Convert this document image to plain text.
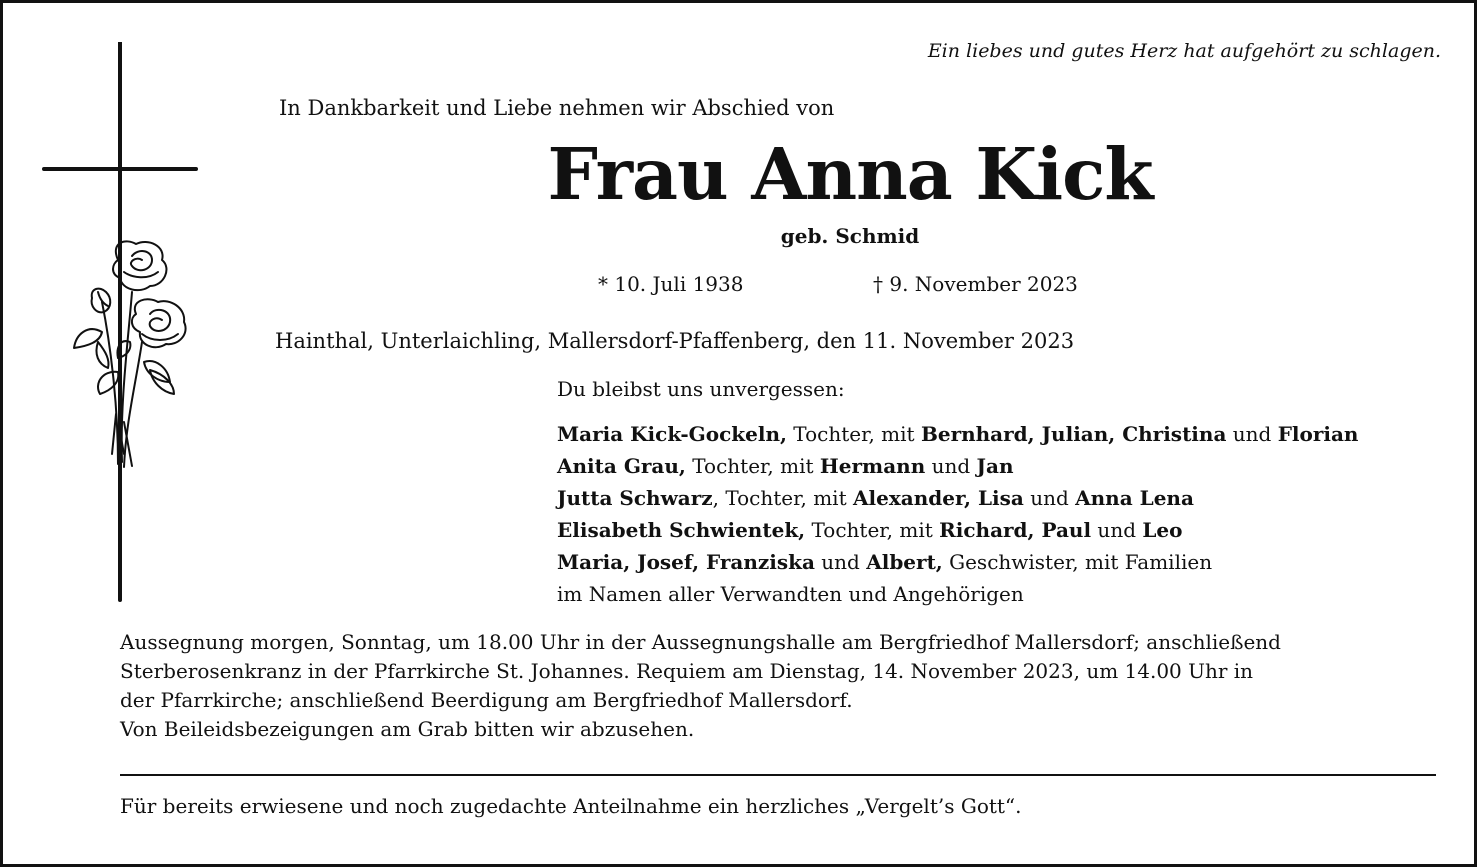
Ein liebes und gutes Herz hat aufgehört zu schlagen.
In Dankbarkeit und Liebe nehmen wir Abschied von
Frau Anna Kick
geb. Schmid
* 10. Juli 1938	† 9. November 2023
Hainthal, Unterlaichling, Mallersdorf-Pfaffenberg, den 11. November 2023
Du bleibst uns unvergessen:
Maria Kick-Gockeln, Tochter, mit Bernhard, Julian, Christina und Florian
Anita Grau, Tochter, mit Hermann und Jan
Jutta Schwarz, Tochter, mit Alexander, Lisa und Anna Lena
Elisabeth Schwientek, Tochter, mit Richard, Paul und Leo
Maria, Josef, Franziska und Albert, Geschwister, mit Familien
im Namen aller Verwandten und Angehörigen
Aussegnung morgen, Sonntag, um 18.00 Uhr in der Aussegnungshalle am Bergfriedhof Mallersdorf; anschließend
Sterberosenkranz in der Pfarrkirche St. Johannes. Requiem am Dienstag, 14. November 2023, um 14.00 Uhr in
der Pfarrkirche; anschließend Beerdigung am Bergfriedhof Mallersdorf.
Von Beileidsbezeigungen am Grab bitten wir abzusehen.
Für bereits erwiesene und noch zugedachte Anteilnahme ein herzliches „Vergelt’s Gott“.
